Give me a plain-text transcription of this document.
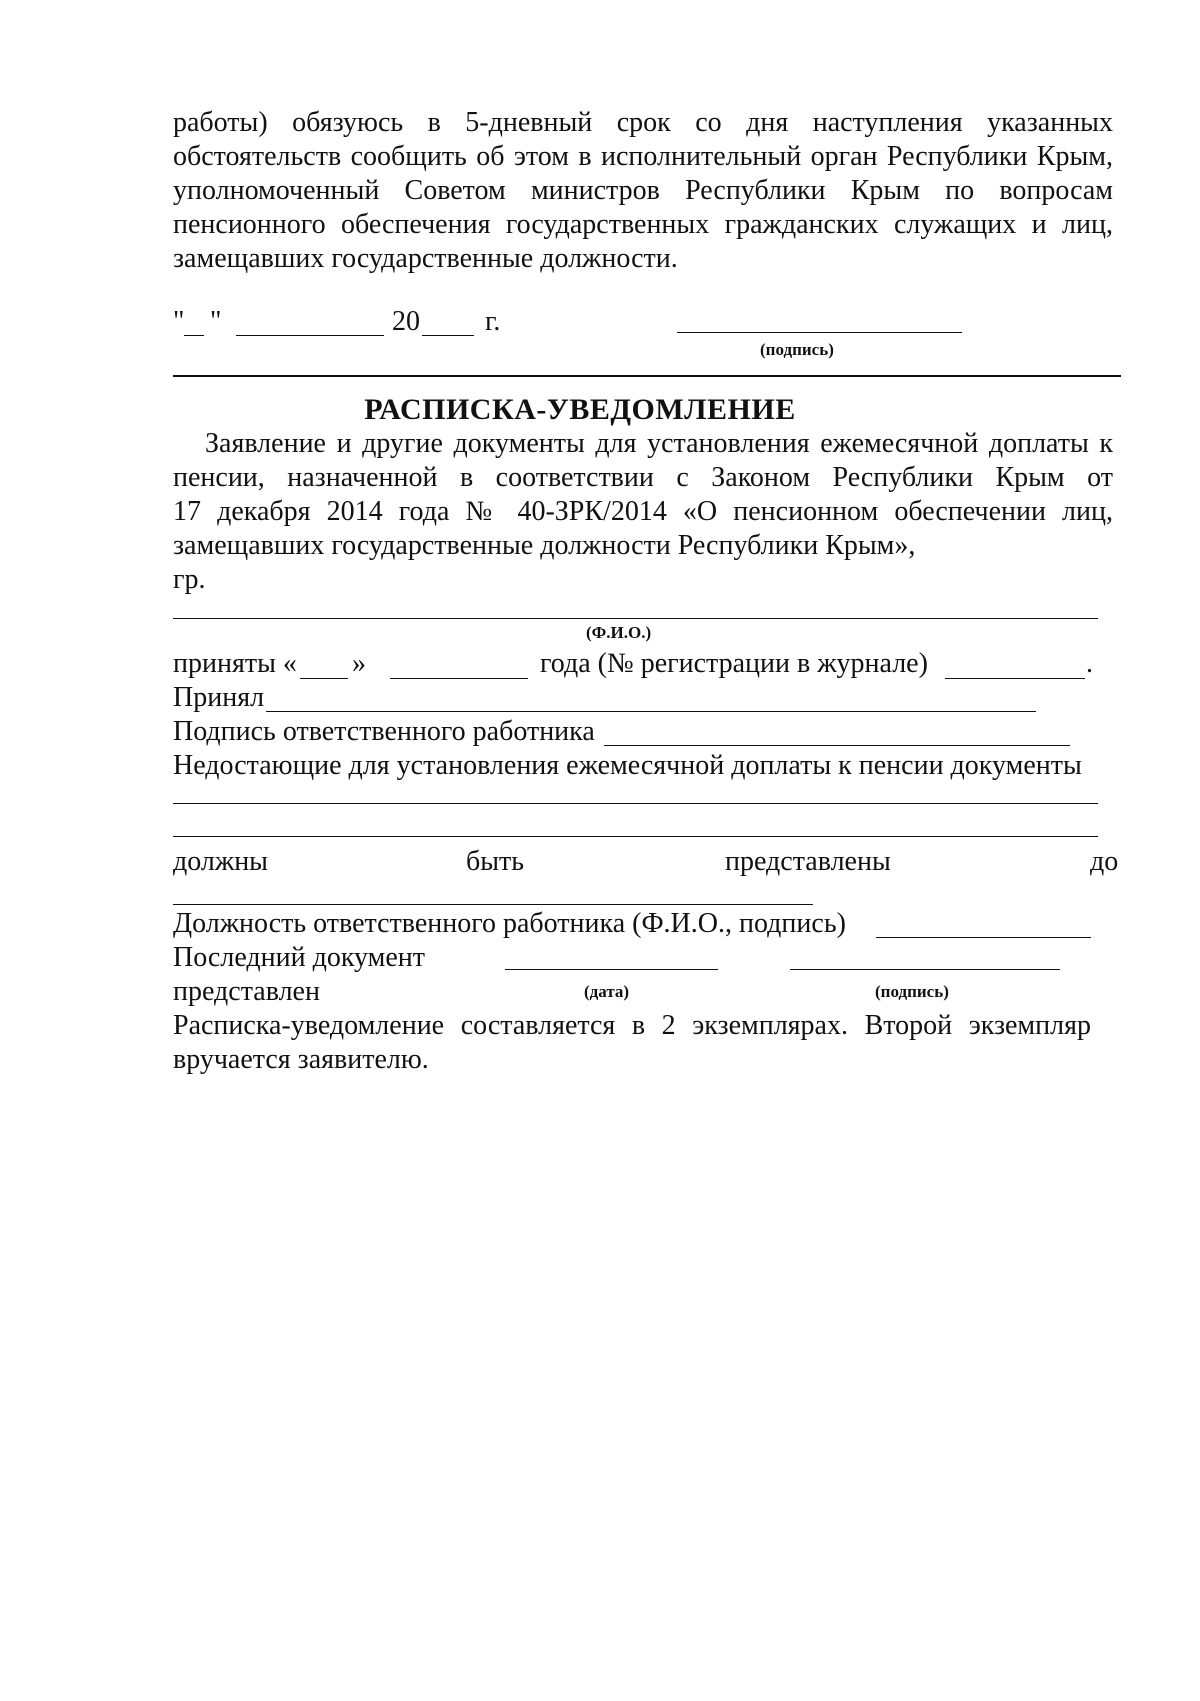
работы) обязуюсь в 5-дневный срок со дня наступления указанных
обстоятельств сообщить об этом в исполнительный орган Республики Крым,
уполномоченный Советом министров Республики Крым по вопросам
пенсионного обеспечения государственных гражданских служащих и лиц,
замещавших государственные должности.
" "	20 г.
(подпись)
РАСПИСКА-УВЕДОМЛЕНИЕ
Заявление и другие документы для установления ежемесячной доплаты к
пенсии, назначенной в соответствии с Законом Республики Крым от
17 декабря 2014 года № 40-ЗРК/2014 «О пенсионном обеспечении лиц,
замещавших государственные должности Республики Крым»,
гр.
(Ф.И.О.)
приняты « »	года (№ регистрации в журнале)	.
Принял
Подпись ответственного работника
Недостающие для установления ежемесячной доплаты к пенсии документы
должны	быть	представлены	до
Должность ответственного работника (Ф.И.О., подпись)
Последний документ
представлен	(дата)	(подпись)
Расписка-уведомление составляется в 2 экземплярах. Второй экземпляр
вручается заявителю.
